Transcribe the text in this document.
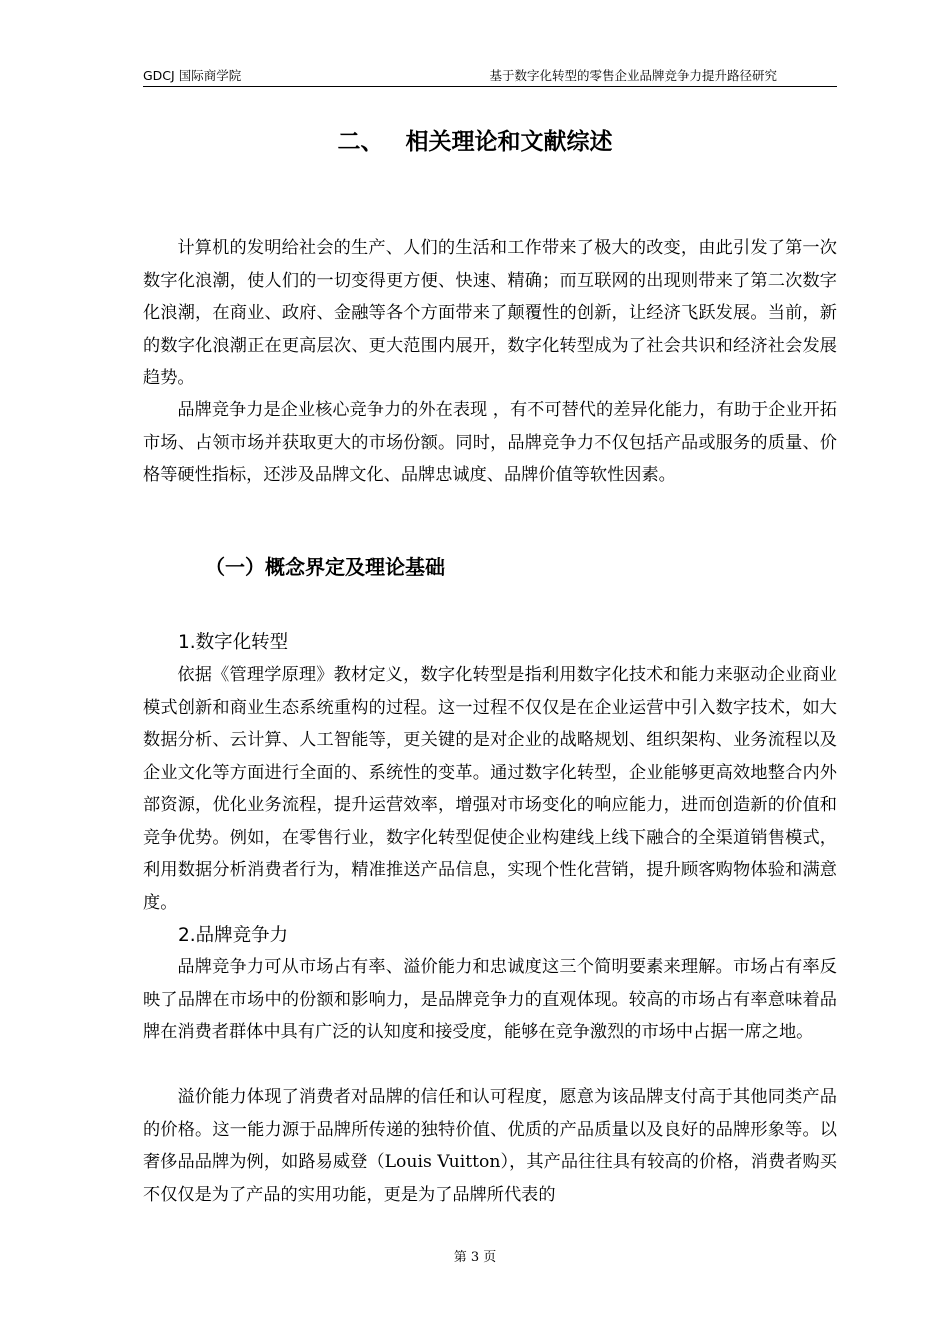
GDCJ 国际商学院	基于数字化转型的零售企业品牌竞争力提升路径研究
二、 相关理论和文献综述

计算机的发明给社会的生产、人们的生活和工作带来了极大的改变，由此引发了第一次数字化浪潮，使人们的一切变得更方便、快速、精确；而互联网的出现则带来了第二次数字化浪潮，在商业、政府、金融等各个方面带来了颠覆性的创新，让经济飞跃发展。当前，新的数字化浪潮正在更高层次、更大范围内展开，数字化转型成为了社会共识和经济社会发展趋势。

品牌竞争力是企业核心竞争力的外在表现 ，有不可替代的差异化能力，有助于企业开拓市场、占领市场并获取更大的市场份额。同时，品牌竞争力不仅包括产品或服务的质量、价格等硬性指标，还涉及品牌文化、品牌忠诚度、品牌价值等软性因素。

（一）概念界定及理论基础
1.数字化转型

依据《管理学原理》教材定义，数字化转型是指利用数字化技术和能力来驱动企业商业模式创新和商业生态系统重构的过程。这一过程不仅仅是在企业运营中引入数字技术，如大数据分析、云计算、人工智能等，更关键的是对企业的战略规划、组织架构、业务流程以及企业文化等方面进行全面的、系统性的变革。通过数字化转型，企业能够更高效地整合内外部资源，优化业务流程，提升运营效率，增强对市场变化的响应能力，进而创造新的价值和竞争优势。例如，在零售行业，数字化转型促使企业构建线上线下融合的全渠道销售模式，利用数据分析消费者行为，精准推送产品信息，实现个性化营销，提升顾客购物体验和满意度。

2.品牌竞争力

品牌竞争力可从市场占有率、溢价能力和忠诚度这三个简明要素来理解。市场占有率反映了品牌在市场中的份额和影响力，是品牌竞争力的直观体现。较高的市场占有率意味着品牌在消费者群体中具有广泛的认知度和接受度，能够在竞争激烈的市场中占据一席之地。

溢价能力体现了消费者对品牌的信任和认可程度，愿意为该品牌支付高于其他同类产品的价格。这一能力源于品牌所传递的独特价值、优质的产品质量以及良好的品牌形象等。以奢侈品品牌为例，如路易威登（Louis Vuitton），其产品往往具有较高的价格，消费者购买不仅仅是为了产品的实用功能，更是为了品牌所代表的

第 3 页
